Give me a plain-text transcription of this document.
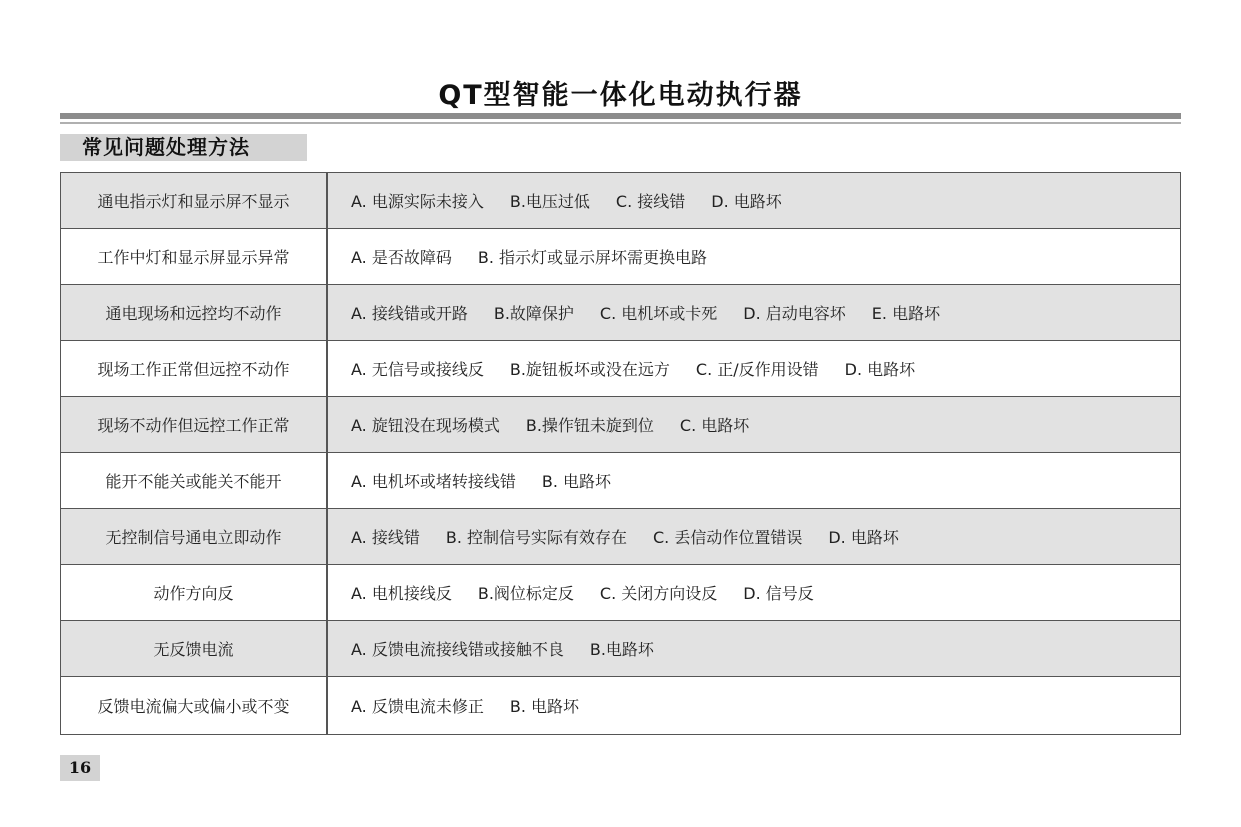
QT型智能一体化电动执行器
常见问题处理方法
通电指示灯和显示屏不显示	A. 电源实际未接入 B.电压过低 C. 接线错 D. 电路坏
工作中灯和显示屏显示异常	A. 是否故障码 B. 指示灯或显示屏坏需更换电路
通电现场和远控均不动作	A. 接线错或开路 B.故障保护 C. 电机坏或卡死 D. 启动电容坏 E. 电路坏
现场工作正常但远控不动作	A. 无信号或接线反 B.旋钮板坏或没在远方 C. 正/反作用设错 D. 电路坏
现场不动作但远控工作正常	A. 旋钮没在现场模式 B.操作钮未旋到位 C. 电路坏
能开不能关或能关不能开	A. 电机坏或堵转接线错 B. 电路坏
无控制信号通电立即动作	A. 接线错 B. 控制信号实际有效存在 C. 丢信动作位置错误 D. 电路坏
动作方向反	A. 电机接线反 B.阀位标定反 C. 关闭方向设反 D. 信号反
无反馈电流	A. 反馈电流接线错或接触不良 B.电路坏
反馈电流偏大或偏小或不变	A. 反馈电流未修正 B. 电路坏
16
